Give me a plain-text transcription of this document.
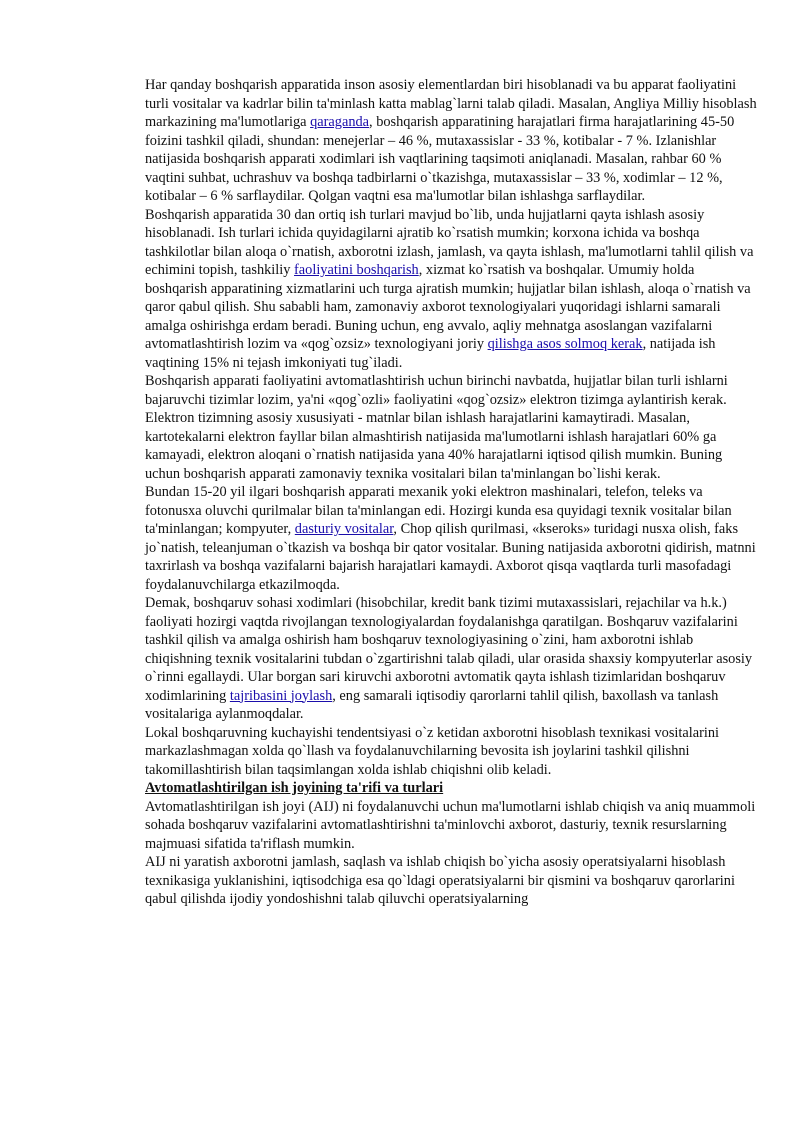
Har qanday boshqarish apparatida inson asosiy elementlardan biri hisoblanadi va bu apparat faoliyatini turli vositalar va kadrlar bilin ta'minlash katta mablag`larni talab qiladi. Masalan, Angliya Milliy hisoblash markazining ma'lumotlariga qaraganda, boshqarish apparatining harajatlari firma harajatlarining 45-50 foizini tashkil qiladi, shundan: menejerlar – 46 %, mutaxassislar - 33 %, kotibalar - 7 %. Izlanishlar natijasida boshqarish apparati xodimlari ish vaqtlarining taqsimoti aniqlanadi. Masalan, rahbar 60 % vaqtini suhbat, uchrashuv va boshqa tadbirlarni o`tkazishga, mutaxassislar – 33 %, xodimlar – 12 %, kotibalar – 6 % sarflaydilar. Qolgan vaqtni esa ma'lumotlar bilan ishlashga sarflaydilar.

Boshqarish apparatida 30 dan ortiq ish turlari mavjud bo`lib, unda hujjatlarni qayta ishlash asosiy hisoblanadi. Ish turlari ichida quyidagilarni ajratib ko`rsatish mumkin; korxona ichida va boshqa tashkilotlar bilan aloqa o`rnatish, axborotni izlash, jamlash, va qayta ishlash, ma'lumotlarni tahlil qilish va echimini topish, tashkiliy faoliyatini boshqarish, xizmat ko`rsatish va boshqalar. Umumiy holda boshqarish apparatining xizmatlarini uch turga ajratish mumkin; hujjatlar bilan ishlash, aloqa o`rnatish va qaror qabul qilish. Shu sababli ham, zamonaviy axborot texnologiyalari yuqoridagi ishlarni samarali amalga oshirishga erdam beradi. Buning uchun, eng avvalo, aqliy mehnatga asoslangan vazifalarni avtomatlashtirish lozim va «qog`ozsiz» texnologiyani joriy qilishga asos solmoq kerak, natijada ish vaqtining 15% ni tejash imkoniyati tug`iladi.

Boshqarish apparati faoliyatini avtomatlashtirish uchun birinchi navbatda, hujjatlar bilan turli ishlarni bajaruvchi tizimlar lozim, ya'ni «qog`ozli» faoliyatini «qog`ozsiz» elektron tizimga aylantirish kerak.

Elektron tizimning asosiy xususiyati - matnlar bilan ishlash harajatlarini kamaytiradi. Masalan, kartotekalarni elektron fayllar bilan almashtirish natijasida ma'lumotlarni ishlash harajatlari 60% ga kamayadi, elektron aloqani o`rnatish natijasida yana 40% harajatlarni iqtisod qilish mumkin. Buning uchun boshqarish apparati zamonaviy texnika vositalari bilan ta'minlangan bo`lishi kerak.

Bundan 15-20 yil ilgari boshqarish apparati mexanik yoki elektron mashinalari, telefon, teleks va fotonusxa oluvchi qurilmalar bilan ta'minlangan edi. Hozirgi kunda esa quyidagi texnik vositalar bilan ta'minlangan; kompyuter, dasturiy vositalar, Chop qilish qurilmasi, «kseroks» turidagi nusxa olish, faks jo`natish, teleanjuman o`tkazish va boshqa bir qator vositalar. Buning natijasida axborotni qidirish, matnni taxrirlash va boshqa vazifalarni bajarish harajatlari kamaydi. Axborot qisqa vaqtlarda turli masofadagi foydalanuvchilarga etkazilmoqda.

Demak, boshqaruv sohasi xodimlari (hisobchilar, kredit bank tizimi mutaxassislari, rejachilar va h.k.) faoliyati hozirgi vaqtda rivojlangan texnologiyalardan foydalanishga qaratilgan. Boshqaruv vazifalarini tashkil qilish va amalga oshirish ham boshqaruv texnologiyasining o`zini, ham axborotni ishlab chiqishning texnik vositalarini tubdan o`zgartirishni talab qiladi, ular orasida shaxsiy kompyuterlar asosiy o`rinni egallaydi. Ular borgan sari kiruvchi axborotni avtomatik qayta ishlash tizimlaridan boshqaruv xodimlarining tajribasini joylash, eng samarali iqtisodiy qarorlarni tahlil qilish, baxollash va tanlash vositalariga aylanmoqdalar.

Lokal boshqaruvning kuchayishi tendentsiyasi o`z ketidan axborotni hisoblash texnikasi vositalarini markazlashmagan xolda qo`llash va foydalanuvchilarning bevosita ish joylarini tashkil qilishni takomillashtirish bilan taqsimlangan xolda ishlab chiqishni olib keladi.

Avtomatlashtirilgan ish joyining ta'rifi va turlari

Avtomatlashtirilgan ish joyi (AIJ) ni foydalanuvchi uchun ma'lumotlarni ishlab chiqish va aniq muammoli sohada boshqaruv vazifalarini avtomatlashtirishni ta'minlovchi axborot, dasturiy, texnik resurslarning majmuasi sifatida ta'riflash mumkin.

AIJ ni yaratish axborotni jamlash, saqlash va ishlab chiqish bo`yicha asosiy operatsiyalarni hisoblash texnikasiga yuklanishini, iqtisodchiga esa qo`ldagi operatsiyalarni bir qismini va boshqaruv qarorlarini qabul qilishda ijodiy yondoshishni talab qiluvchi operatsiyalarning
